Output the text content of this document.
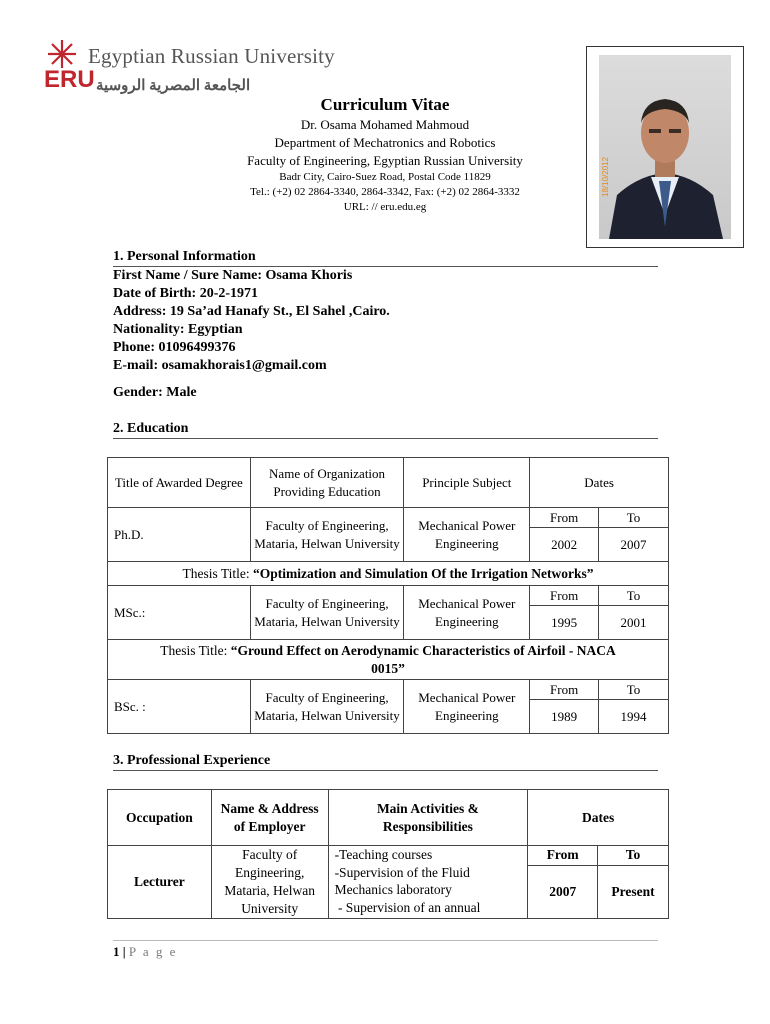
Egyptian Russian University
الجامعة المصرية الروسية
ERU
18/10/2012
Curriculum Vitae
Dr. Osama Mohamed Mahmoud
Department of Mechatronics and Robotics
Faculty of Engineering, Egyptian Russian University
Badr City, Cairo-Suez Road, Postal Code 11829
Tel.: (+2) 02 2864-3340, 2864-3342, Fax: (+2) 02 2864-3332
URL: // eru.edu.eg
1. Personal Information
First Name / Sure Name: Osama Khoris
Date of Birth: 20-2-1971
Address: 19 Sa’ad Hanafy St., El Sahel ,Cairo.
Nationality: Egyptian
Phone: 01096499376
E-mail: osamakhorais1@gmail.com
Gender: Male
2. Education
Title of Awarded Degree	Name of Organization Providing Education	Principle Subject	Dates	
Ph.D.	Faculty of Engineering, Mataria, Helwan University	Mechanical Power Engineering	From	To
			2002	2007
Thesis Title: “Optimization and Simulation Of the Irrigation Networks”				
MSc.:	Faculty of Engineering, Mataria, Helwan University	Mechanical Power Engineering	From	To
			1995	2001
Thesis Title: “Ground Effect on Aerodynamic Characteristics of Airfoil - NACA 0015”				
BSc. :	Faculty of Engineering, Mataria, Helwan University	Mechanical Power Engineering	From	To
			1989	1994
3. Professional Experience
Occupation	Name & Address of Employer	Main Activities & Responsibilities	Dates	
Lecturer	Faculty of Engineering, Mataria, Helwan University	-Teaching courses
-Supervision of the Fluid Mechanics laboratory
- Supervision of an annual	From	To
			2007	Present
1 | P a g e
